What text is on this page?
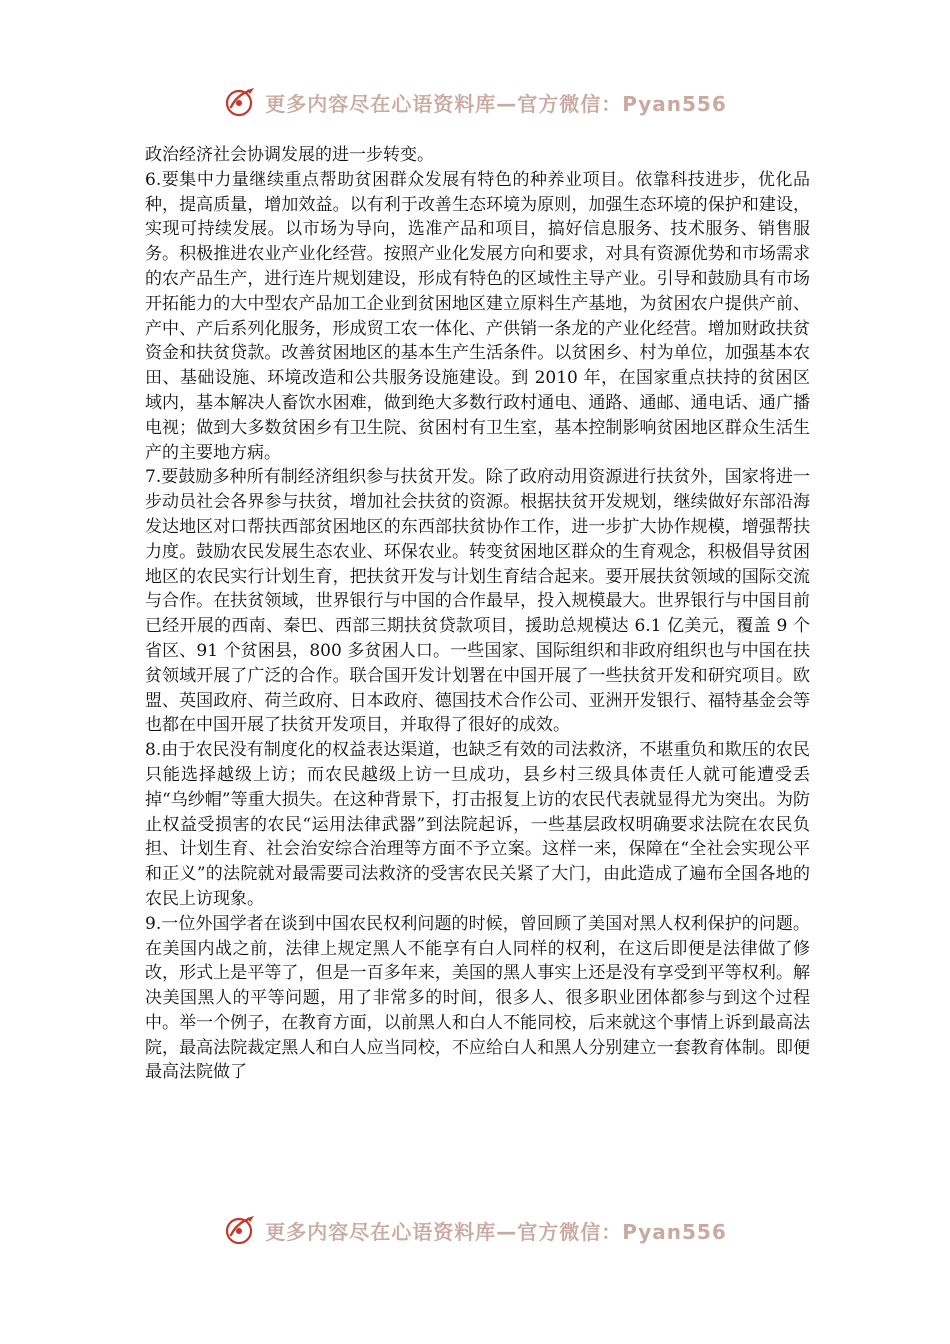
更多内容尽在心语资料库—官方微信：Pyan556

政治经济社会协调发展的进一步转变。

6.要集中力量继续重点帮助贫困群众发展有特色的种养业项目。依靠科技进步，优化品种，提高质量，增加效益。以有利于改善生态环境为原则，加强生态环境的保护和建设，实现可持续发展。以市场为导向，选准产品和项目，搞好信息服务、技术服务、销售服务。积极推进农业产业化经营。按照产业化发展方向和要求，对具有资源优势和市场需求的农产品生产，进行连片规划建设，形成有特色的区域性主导产业。引导和鼓励具有市场开拓能力的大中型农产品加工企业到贫困地区建立原料生产基地，为贫困农户提供产前、产中、产后系列化服务，形成贸工农一体化、产供销一条龙的产业化经营。增加财政扶贫资金和扶贫贷款。改善贫困地区的基本生产生活条件。以贫困乡、村为单位，加强基本农田、基础设施、环境改造和公共服务设施建设。到 2010 年，在国家重点扶持的贫困区域内，基本解决人畜饮水困难，做到绝大多数行政村通电、通路、通邮、通电话、通广播电视；做到大多数贫困乡有卫生院、贫困村有卫生室，基本控制影响贫困地区群众生活生产的主要地方病。

7.要鼓励多种所有制经济组织参与扶贫开发。除了政府动用资源进行扶贫外，国家将进一步动员社会各界参与扶贫，增加社会扶贫的资源。根据扶贫开发规划，继续做好东部沿海发达地区对口帮扶西部贫困地区的东西部扶贫协作工作，进一步扩大协作规模，增强帮扶力度。鼓励农民发展生态农业、环保农业。转变贫困地区群众的生育观念，积极倡导贫困地区的农民实行计划生育，把扶贫开发与计划生育结合起来。要开展扶贫领域的国际交流与合作。在扶贫领域，世界银行与中国的合作最早，投入规模最大。世界银行与中国目前已经开展的西南、秦巴、西部三期扶贫贷款项目，援助总规模达 6.1 亿美元，覆盖 9 个省区、91 个贫困县，800 多贫困人口。一些国家、国际组织和非政府组织也与中国在扶贫领域开展了广泛的合作。联合国开发计划署在中国开展了一些扶贫开发和研究项目。欧盟、英国政府、荷兰政府、日本政府、德国技术合作公司、亚洲开发银行、福特基金会等也都在中国开展了扶贫开发项目，并取得了很好的成效。

8.由于农民没有制度化的权益表达渠道，也缺乏有效的司法救济，不堪重负和欺压的农民只能选择越级上访；而农民越级上访一旦成功，县乡村三级具体责任人就可能遭受丢掉“乌纱帽”等重大损失。在这种背景下，打击报复上访的农民代表就显得尤为突出。为防止权益受损害的农民“运用法律武器”到法院起诉，一些基层政权明确要求法院在农民负担、计划生育、社会治安综合治理等方面不予立案。这样一来，保障在“全社会实现公平和正义”的法院就对最需要司法救济的受害农民关紧了大门，由此造成了遍布全国各地的农民上访现象。

9.一位外国学者在谈到中国农民权利问题的时候，曾回顾了美国对黑人权利保护的问题。在美国内战之前，法律上规定黑人不能享有白人同样的权利，在这后即便是法律做了修改，形式上是平等了，但是一百多年来，美国的黑人事实上还是没有享受到平等权利。解决美国黑人的平等问题，用了非常多的时间，很多人、很多职业团体都参与到这个过程中。举一个例子，在教育方面，以前黑人和白人不能同校，后来就这个事情上诉到最高法院，最高法院裁定黑人和白人应当同校，不应给白人和黑人分别建立一套教育体制。即便最高法院做了

更多内容尽在心语资料库—官方微信：Pyan556
